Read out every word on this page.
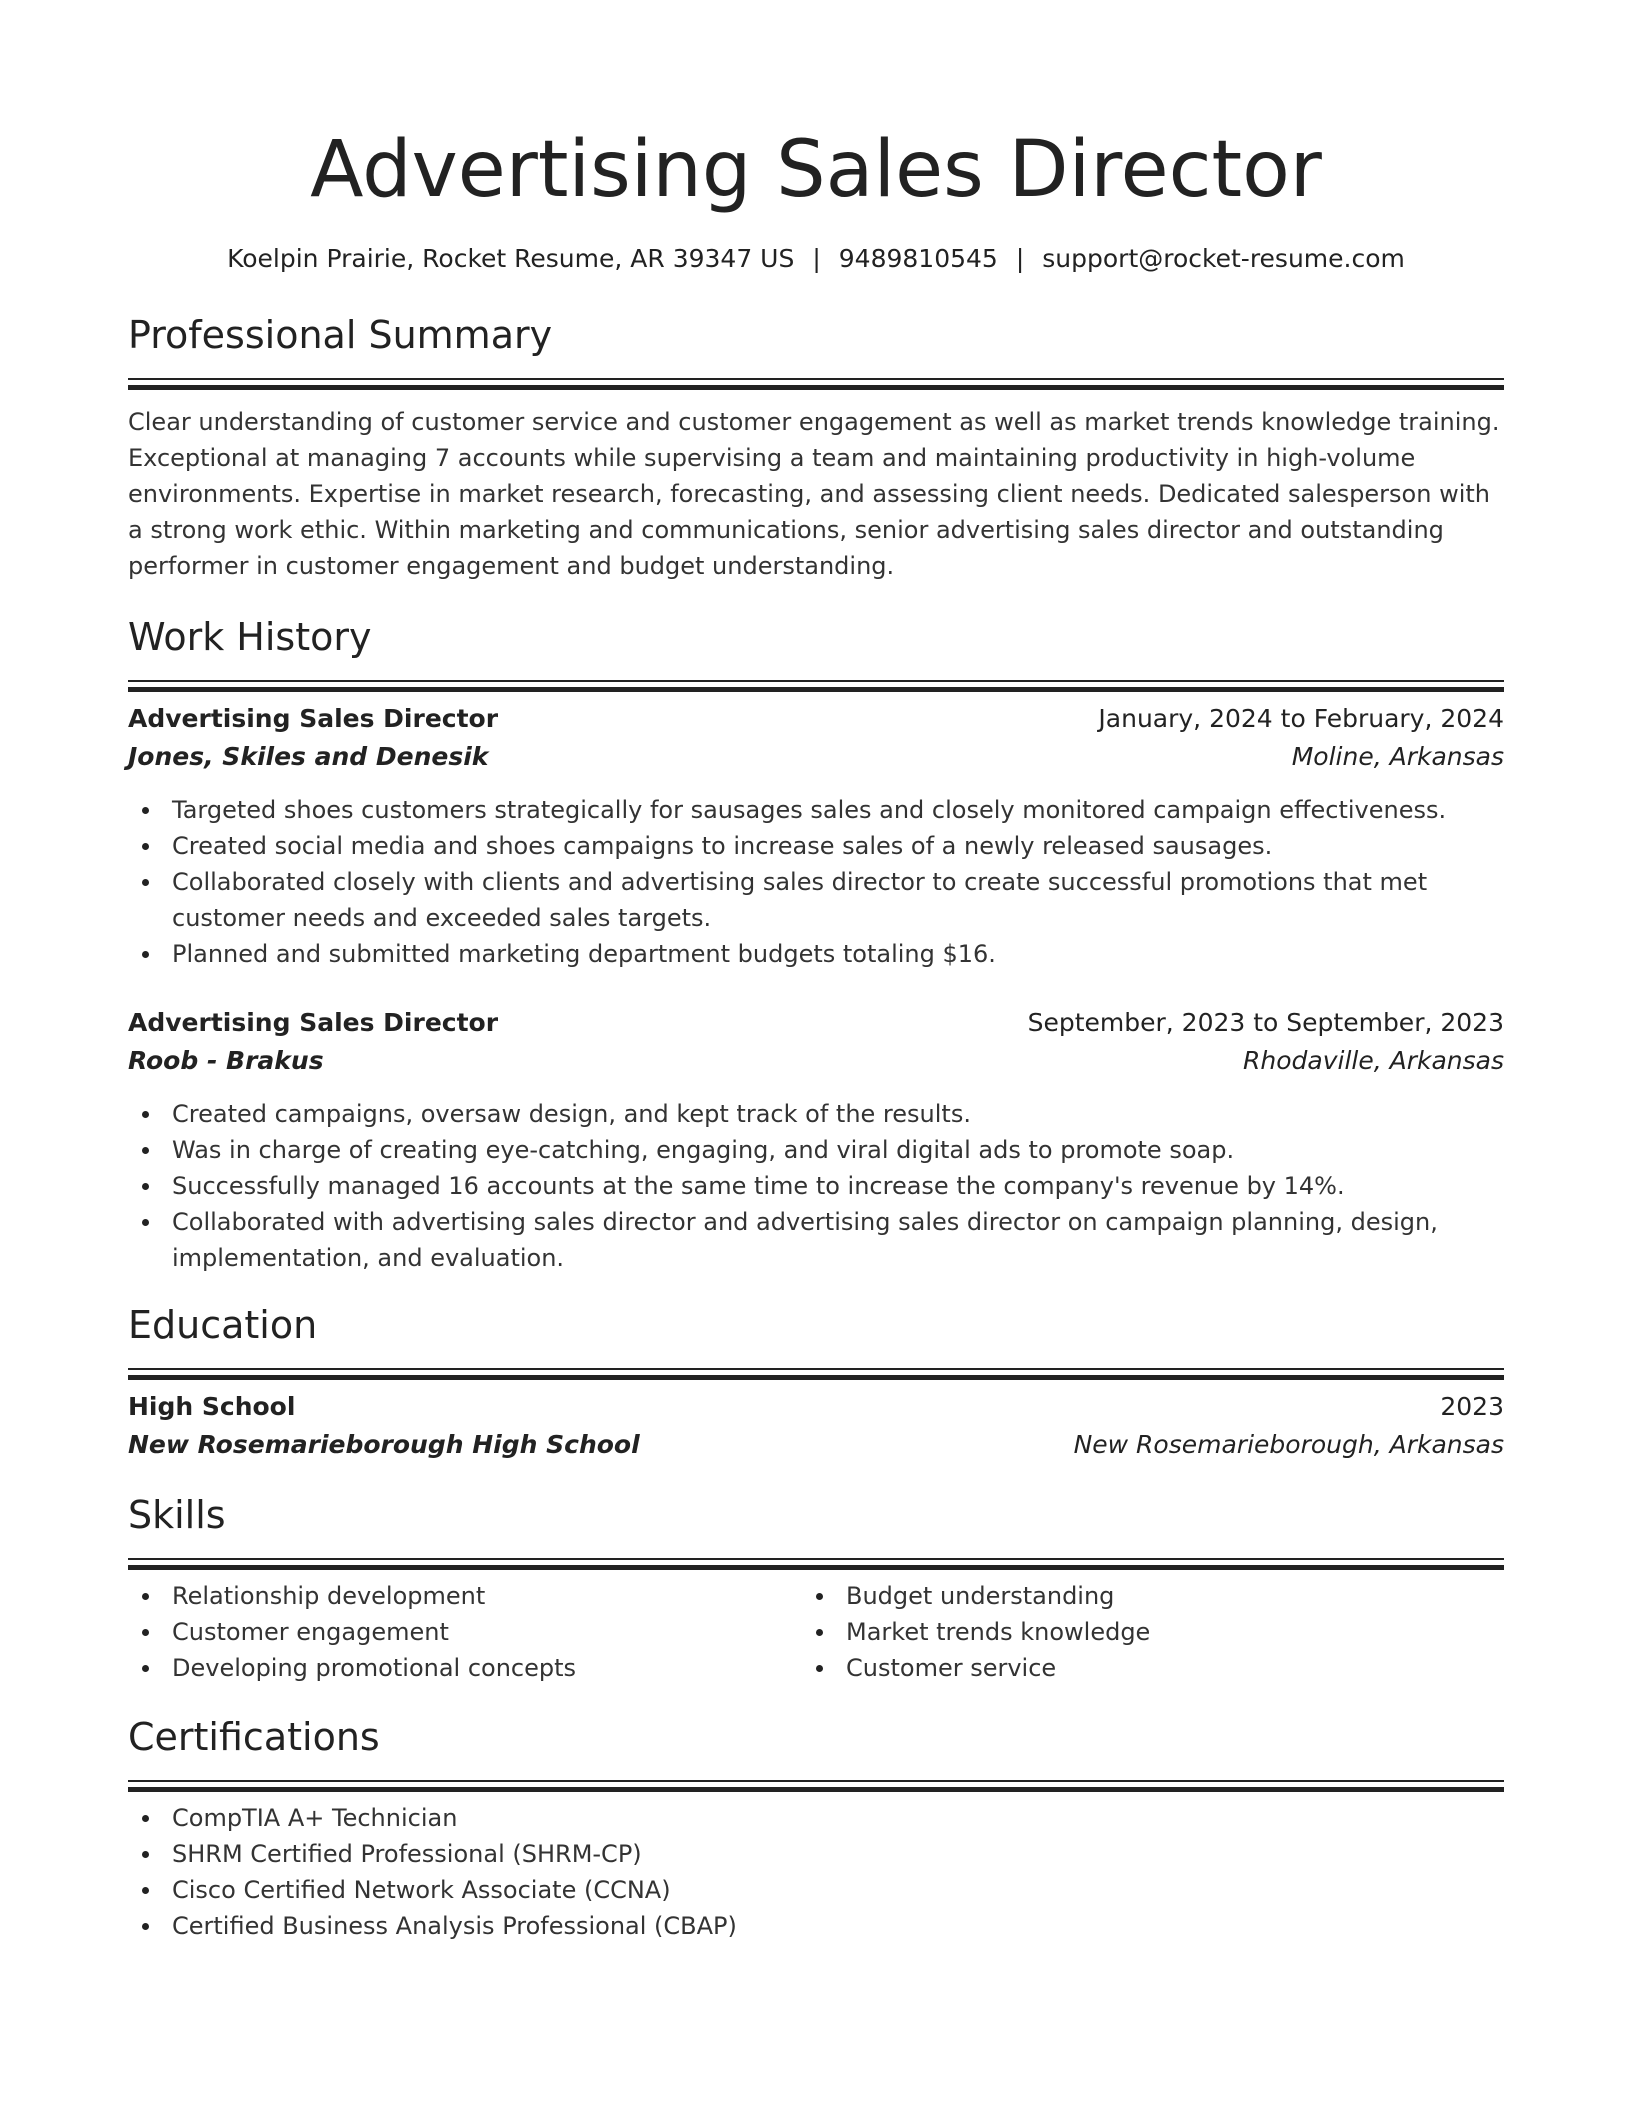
Advertising Sales Director
Koelpin Prairie, Rocket Resume, AR 39347 US | 9489810545 | support@rocket-resume.com
Professional Summary
Clear understanding of customer service and customer engagement as well as market trends knowledge training. Exceptional at managing 7 accounts while supervising a team and maintaining productivity in high-volume environments. Expertise in market research, forecasting, and assessing client needs. Dedicated salesperson with a strong work ethic. Within marketing and communications, senior advertising sales director and outstanding performer in customer engagement and budget understanding.
Work History
Advertising Sales Director	January, 2024 to February, 2024
Jones, Skiles and Denesik	Moline, Arkansas
Targeted shoes customers strategically for sausages sales and closely monitored campaign effectiveness.
Created social media and shoes campaigns to increase sales of a newly released sausages.
Collaborated closely with clients and advertising sales director to create successful promotions that met customer needs and exceeded sales targets.
Planned and submitted marketing department budgets totaling $16.
Advertising Sales Director	September, 2023 to September, 2023
Roob - Brakus	Rhodaville, Arkansas
Created campaigns, oversaw design, and kept track of the results.
Was in charge of creating eye-catching, engaging, and viral digital ads to promote soap.
Successfully managed 16 accounts at the same time to increase the company's revenue by 14%.
Collaborated with advertising sales director and advertising sales director on campaign planning, design, implementation, and evaluation.
Education
High School	2023
New Rosemarieborough High School	New Rosemarieborough, Arkansas
Skills
Relationship development
Customer engagement
Developing promotional concepts
Budget understanding
Market trends knowledge
Customer service
Certifications
CompTIA A+ Technician
SHRM Certified Professional (SHRM-CP)
Cisco Certified Network Associate (CCNA)
Certified Business Analysis Professional (CBAP)
